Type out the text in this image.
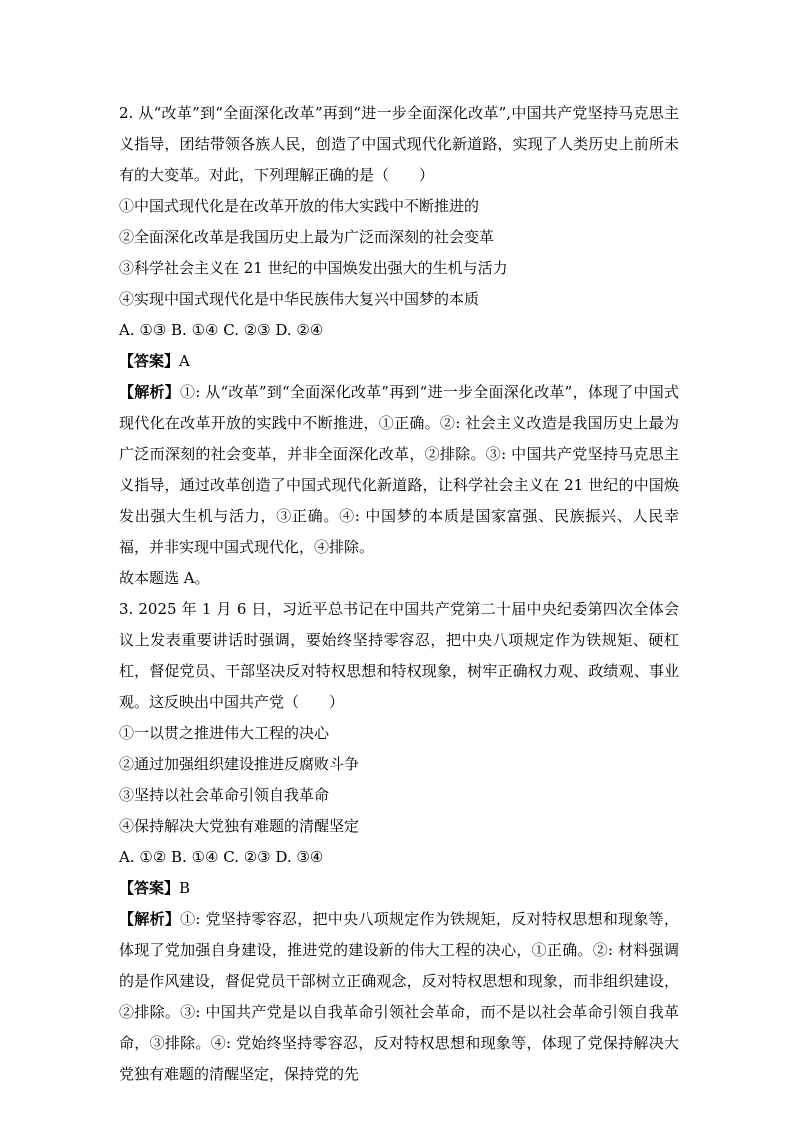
2. 从“改革”到“全面深化改革”再到“进一步全面深化改革”,中国共产党坚持马克思主义指导，团结带领各族人民，创造了中国式现代化新道路，实现了人类历史上前所未有的大变革。对此，下列理解正确的是（　　）

①中国式现代化是在改革开放的伟大实践中不断推进的

②全面深化改革是我国历史上最为广泛而深刻的社会变革

③科学社会主义在 21 世纪的中国焕发出强大的生机与活力

④实现中国式现代化是中华民族伟大复兴中国梦的本质

A. ①③ B. ①④ C. ②③ D. ②④

【答案】A

【解析】①: 从“改革”到“全面深化改革”再到“进一步全面深化改革”，体现了中国式现代化在改革开放的实践中不断推进，①正确。②: 社会主义改造是我国历史上最为广泛而深刻的社会变革，并非全面深化改革，②排除。③: 中国共产党坚持马克思主义指导，通过改革创造了中国式现代化新道路，让科学社会主义在 21 世纪的中国焕发出强大生机与活力，③正确。④: 中国梦的本质是国家富强、民族振兴、人民幸福，并非实现中国式现代化，④排除。

故本题选 A。

3. 2025 年 1 月 6 日，习近平总书记在中国共产党第二十届中央纪委第四次全体会议上发表重要讲话时强调，要始终坚持零容忍，把中央八项规定作为铁规矩、硬杠杠，督促党员、干部坚决反对特权思想和特权现象，树牢正确权力观、政绩观、事业观。这反映出中国共产党（　　）

①一以贯之推进伟大工程的决心

②通过加强组织建设推进反腐败斗争

③坚持以社会革命引领自我革命

④保持解决大党独有难题的清醒坚定

A. ①② B. ①④ C. ②③ D. ③④

【答案】B

【解析】①: 党坚持零容忍，把中央八项规定作为铁规矩，反对特权思想和现象等，体现了党加强自身建设，推进党的建设新的伟大工程的决心，①正确。②: 材料强调的是作风建设，督促党员干部树立正确观念，反对特权思想和现象，而非组织建设，②排除。③: 中国共产党是以自我革命引领社会革命，而不是以社会革命引领自我革命，③排除。④: 党始终坚持零容忍，反对特权思想和现象等，体现了党保持解决大党独有难题的清醒坚定，保持党的先
